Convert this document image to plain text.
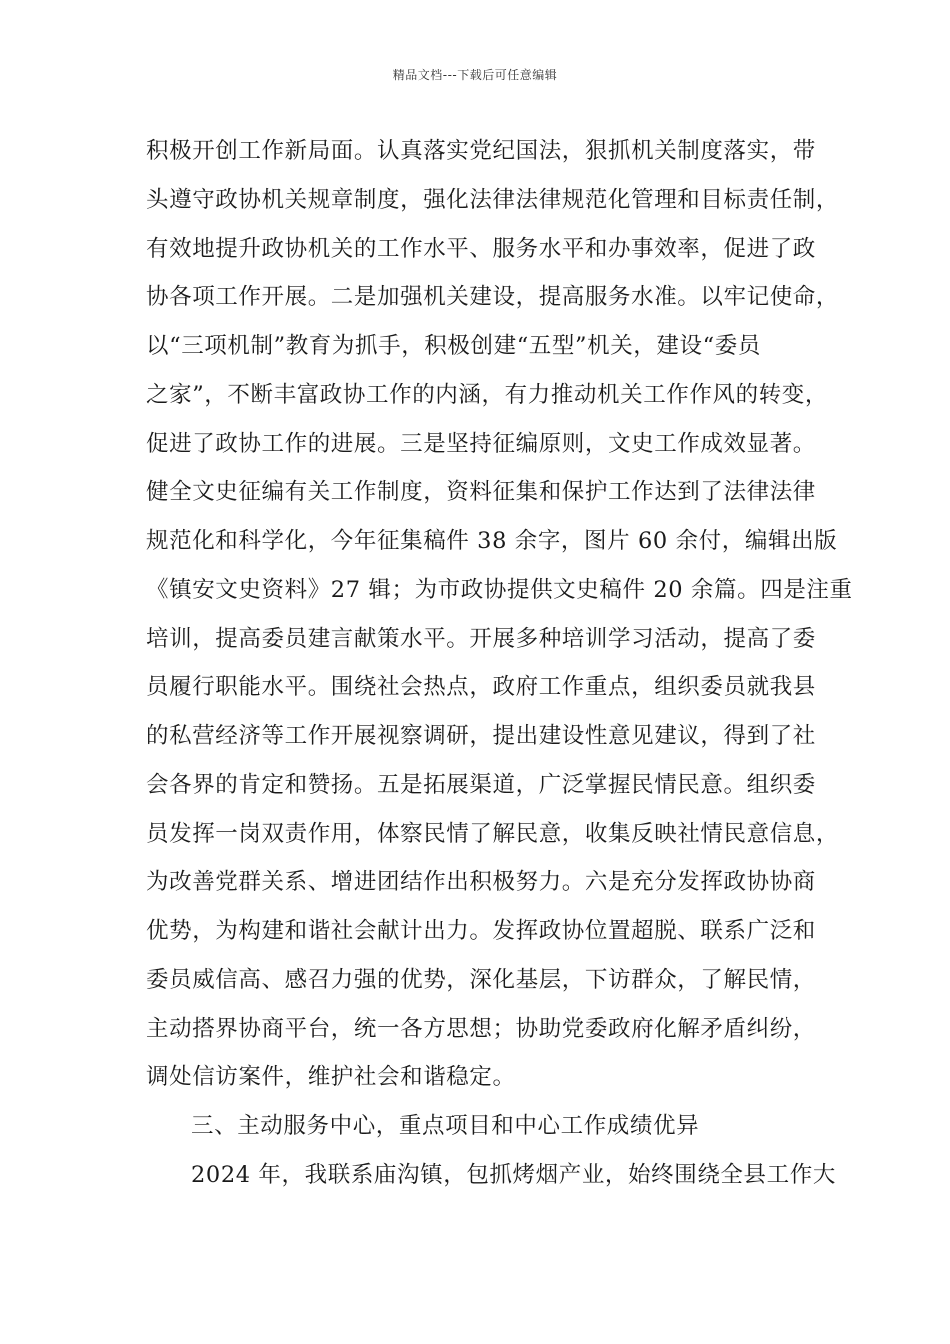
精品文档---下载后可任意编辑
积极开创工作新局面。认真落实党纪国法，狠抓机关制度落实，带
头遵守政协机关规章制度，强化法律法律规范化管理和目标责任制，
有效地提升政协机关的工作水平、服务水平和办事效率，促进了政
协各项工作开展。二是加强机关建设，提高服务水准。以牢记使命，
以“三项机制”教育为抓手，积极创建“五型”机关，建设“委员
之家”，不断丰富政协工作的内涵，有力推动机关工作作风的转变，
促进了政协工作的进展。三是坚持征编原则，文史工作成效显著。
健全文史征编有关工作制度，资料征集和保护工作达到了法律法律
规范化和科学化，今年征集稿件 38 余字，图片 60 余付，编辑出版
《镇安文史资料》27 辑；为市政协提供文史稿件 20 余篇。四是注重
培训，提高委员建言献策水平。开展多种培训学习活动，提高了委
员履行职能水平。围绕社会热点，政府工作重点，组织委员就我县
的私营经济等工作开展视察调研，提出建设性意见建议，得到了社
会各界的肯定和赞扬。五是拓展渠道，广泛掌握民情民意。组织委
员发挥一岗双责作用，体察民情了解民意，收集反映社情民意信息，
为改善党群关系、增进团结作出积极努力。六是充分发挥政协协商
优势，为构建和谐社会献计出力。发挥政协位置超脱、联系广泛和
委员威信高、感召力强的优势，深化基层，下访群众，了解民情，
主动搭界协商平台，统一各方思想；协助党委政府化解矛盾纠纷，
调处信访案件，维护社会和谐稳定。
三、主动服务中心，重点项目和中心工作成绩优异
2024 年，我联系庙沟镇，包抓烤烟产业，始终围绕全县工作大
